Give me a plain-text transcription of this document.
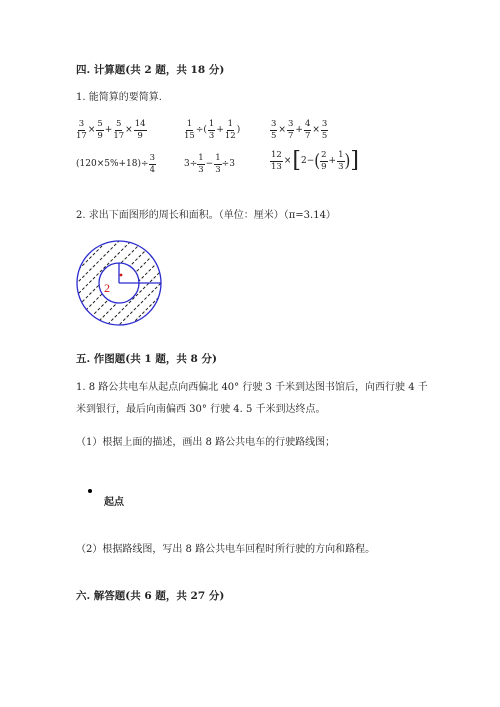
四. 计算题(共 2 题，共 18 分)
1. 能简算的要简算.
$\frac{3}{17} \times \frac{5}{9} + \frac{5}{17} \times \frac{14}{9}$	$\frac{1}{15}$ ÷( $\frac{1}{3} + \frac{1}{12}$ )	$\frac{3}{5} \times \frac{3}{7} + \frac{4}{7} \times \frac{3}{5}$
$(120\times 5\%+18)\div \frac{3}{4}$	$3\div \frac{1}{3} - \frac{1}{3} \div 3$	$\frac{12}{13}$ × [ 2− ( $\frac{2}{9} + \frac{1}{3}$ ) ]
2. 求出下面图形的周长和面积。（单位：厘米）（π=3.14）
2
五. 作图题(共 1 题，共 8 分)
1. 8 路公共电车从起点向西偏北 40° 行驶 3 千米到达图书馆后，向西行驶 4 千
米到银行，最后向南偏西 30° 行驶 4. 5 千米到达终点。
（1）根据上面的描述，画出 8 路公共电车的行驶路线图；
起点
（2）根据路线图，写出 8 路公共电车回程时所行驶的方向和路程。
六. 解答题(共 6 题，共 27 分)
